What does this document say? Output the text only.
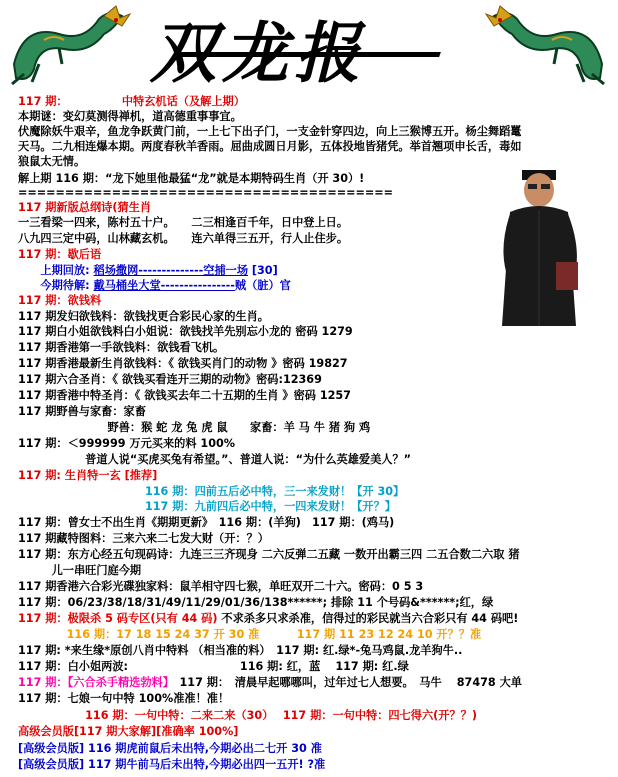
双龙报
117 期：　　　　　 中特玄机话（及解上期）
本期谜：变幻莫测得禅机，道高德重事事宜。
伏魔除妖牛艰辛，鱼龙争跃黄门前，一上七下出子门，一支金针穿四边，向上三猴博五开。杨尘舞蹈鼍
天马。二九相连爆本期。两度春秋羊香雨。屈曲成圆日月影，五体投地皆猪凭。举首翘项申长舌，毒如
狼鼠太无情。
解上期 116 期：“龙下她里他最猛“龙”就是本期特码生肖（开 30）!
========================================
117 期新版总纲诗(猜生肖
一三看梁一四来，陈村五十户。　　二三相逢百千年，日中登上日。
八九四三定中码，山林藏玄机。　　连六单得三五开，行人止住步。
117 期：歇后语
　　上期回放: 稻场撒网--------------空捕一场 [30]
　　今期待解: 戴马桶坐大堂----------------贼（脏）官
117 期：欲钱料
117 期发妇欲钱料：欲钱找更合彩民心家的生肖。
117 期白小姐欲钱料白小姐说：欲钱找羊先别忘小龙的 密码 1279
117 期香港第一手欲钱料：欲钱看飞机。
117 期香港最新生肖欲钱料：《 欲钱买肖门的动物 》密码 19827
117 期六合圣肖：《 欲钱买看连开三期的动物》密码:12369
117 期香港中特圣肖：《 欲钱买去年二十五期的生肖 》密码 1257
117 期野兽与家畜：家畜
　　　　　　　　野兽：猴 蛇 龙 兔 虎 鼠　　家畜：羊 马 牛 猪 狗 鸡
117 期：＜999999 万元买来的料 100%
　　　　　　普道人说“买虎买兔有希望。”、普道人说：“为什么英雄爱美人？”
117 期: 生肖特一玄 [推荐]
　　　　　　　　　　　 116 期：四前五后必中特，三一来发财！【开 30】
　　　　　　　　　　　 117 期：九前四后必中特，一四来发财！【开？】
117 期：曾女士不出生肖《期期更新》　116 期：(羊狗)　117 期：(鸡马)
117 期藏特图料：三来六来二七发大财（开：？）
117 期：东方心经五句现码诗：九连三三齐现身 二六反弹二五藏 一数开出霸三四 二五合数二六取 猪
　　　儿一串旺门庭今期
117 期香港六合彩光碟独家料：鼠羊相守四七猴，单旺双开二十六。密码：0 5 3
117 期：06/23/38/18/31/49/11/29/01/36/138******; 排除 11 个号码&******;红，绿
117 期：极限杀 5 码专区(只有 44 码) 不求杀多只求杀准，信得过的彩民就当六合彩只有 44 码吧!
　　　　 116 期：17 18 15 24 37 开 30 准　　　 117 期 11 23 12 24 10 开？？准
117 期: *来生缘*原创八肖中特料 （相当准的料）　117 期: 红.绿*-兔马鸡鼠.龙羊狗牛..
117 期：白小姐两波:　　　　　　　　　　116 期: 红，蓝　 117 期: 红.绿
117 期：【六合杀手精选勃料】　117 期：　清晨早起哪哪叫，过年过七人想要。　马牛　 87478 大单
117 期：七娘一句中特 100%准准！准！
　　　　　　116 期：一句中特：二来二来（30）　 117 期：一句中特：四七得六(开？？)
高级会员版[117 期大家解][准确率 100%]
[高级会员版] 116 期虎前鼠后未出特,今期必出二七开 30 准
[高级会员版] 117 期牛前马后未出特,今期必出四一五开! ?准
